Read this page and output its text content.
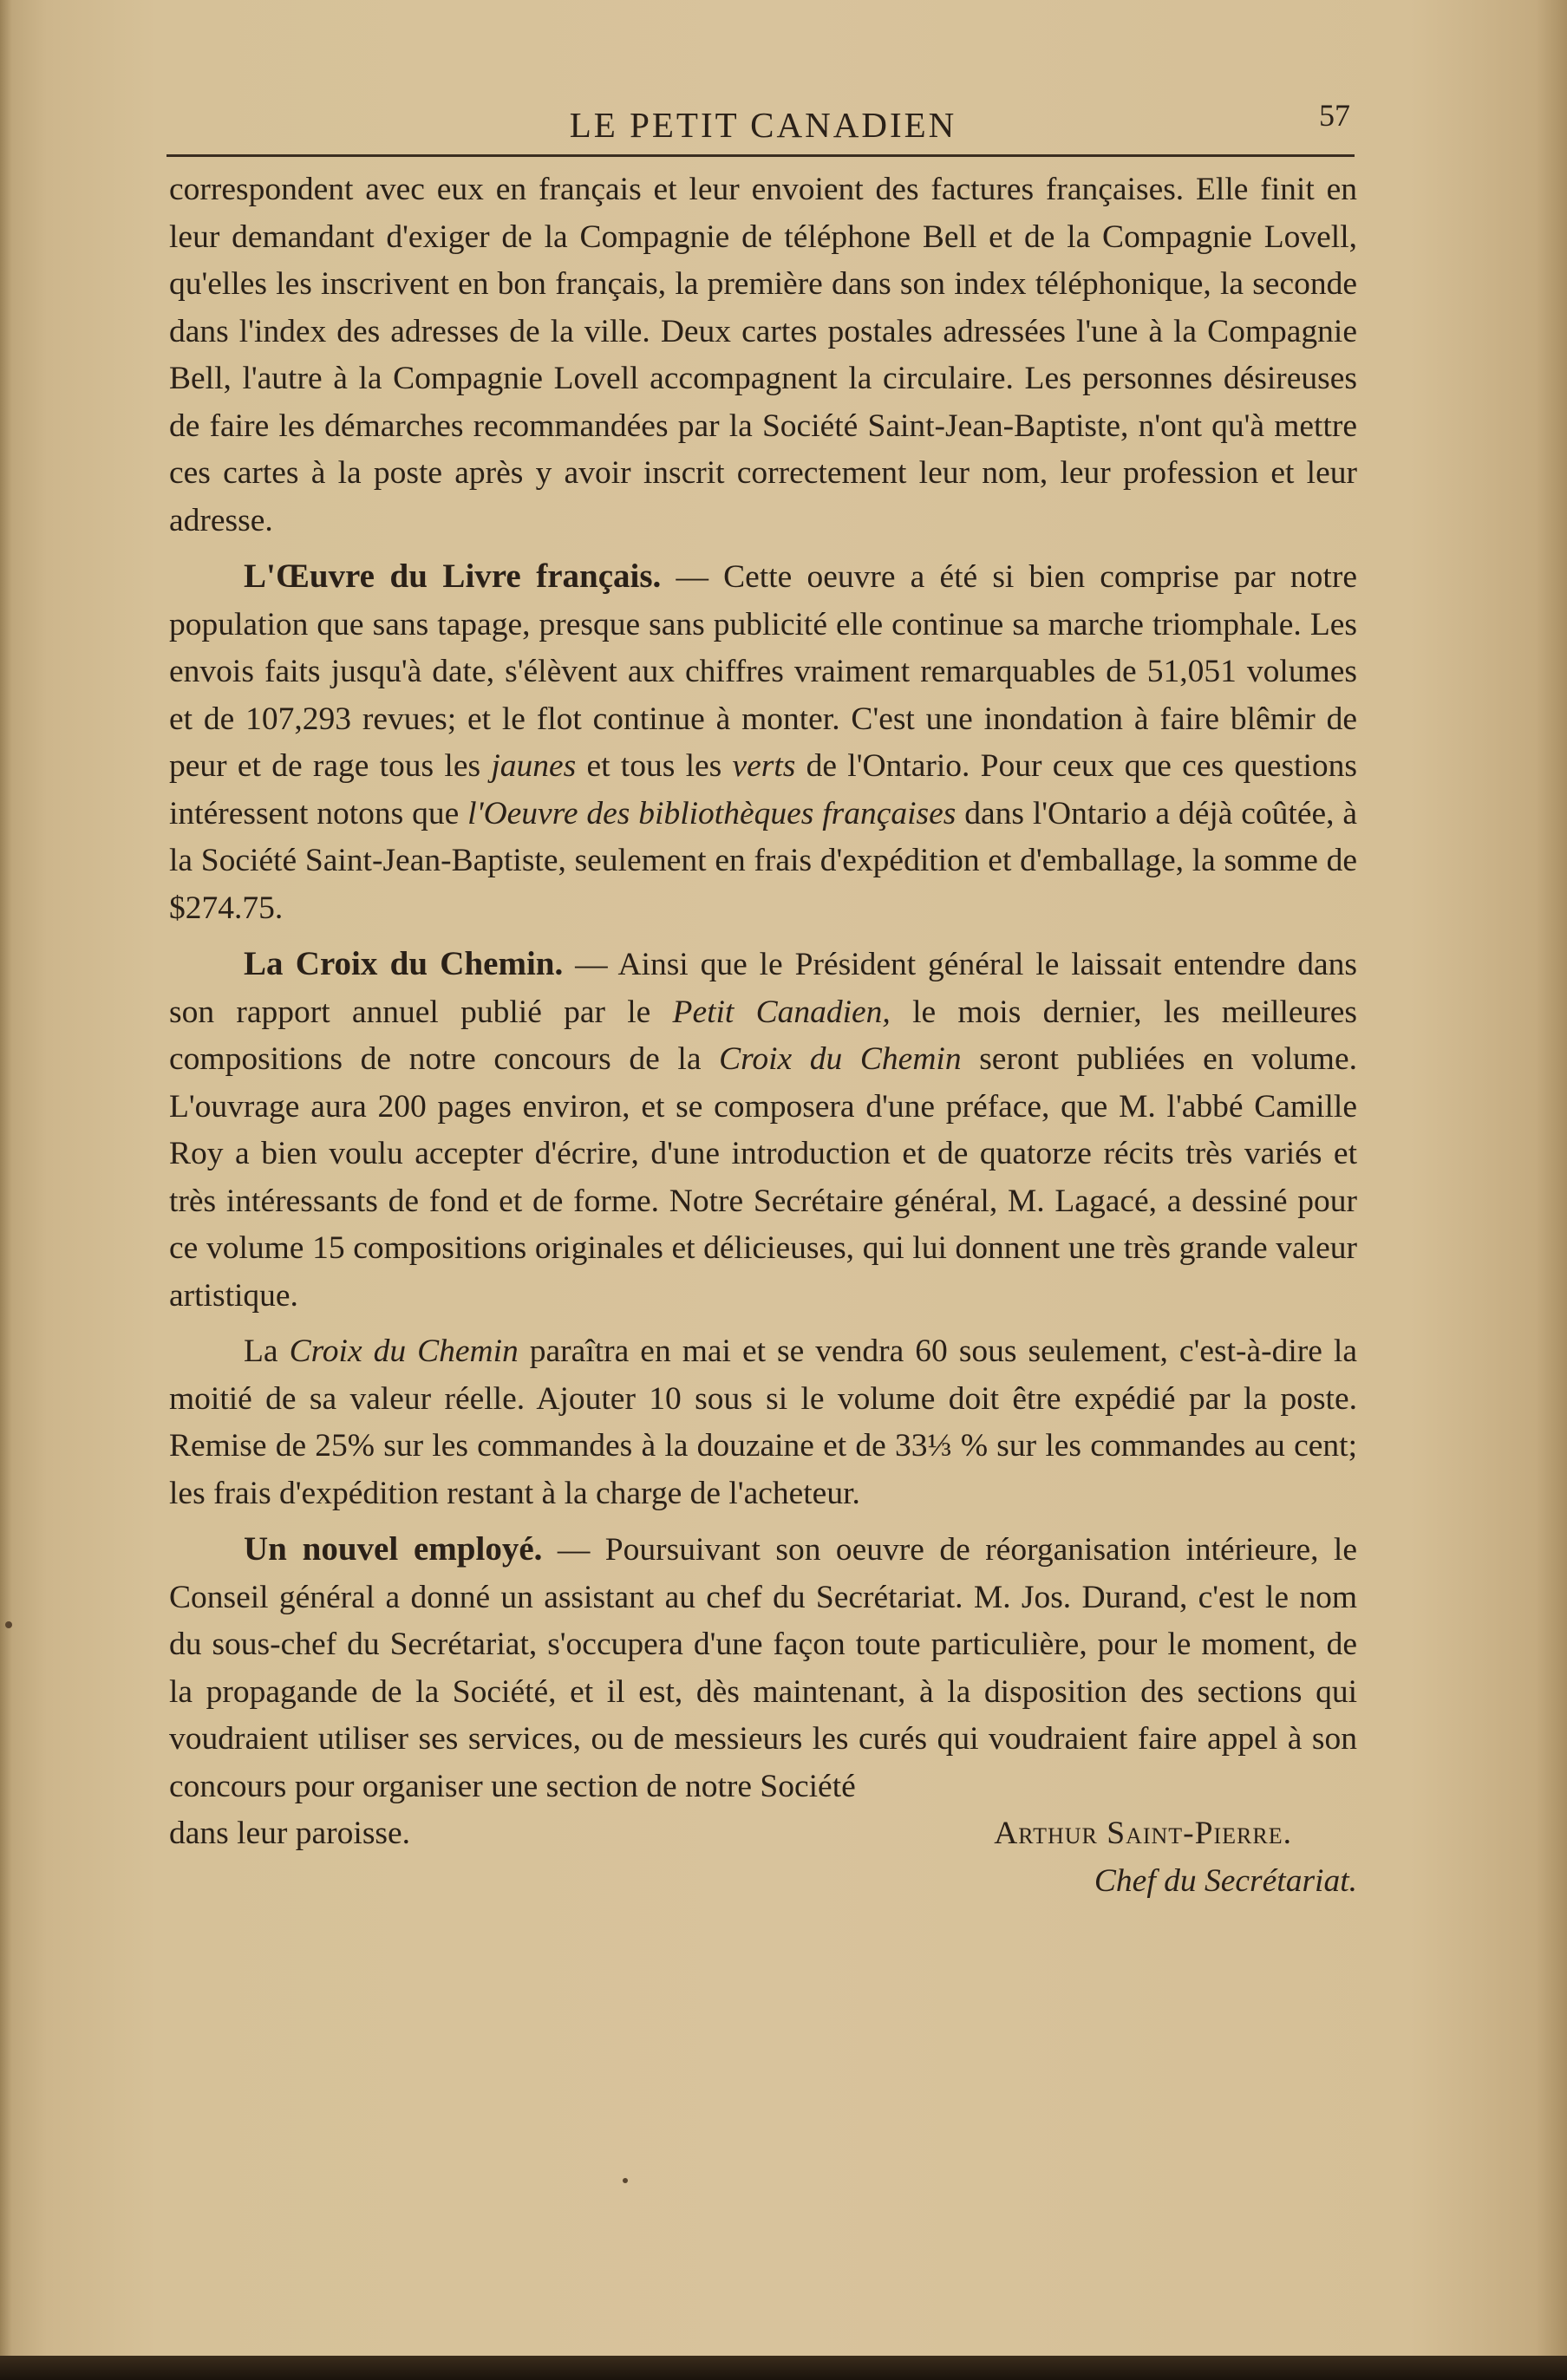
LE PETIT CANADIEN	57

correspondent avec eux en français et leur envoient des factures françaises. Elle finit en leur demandant d'exiger de la Compagnie de téléphone Bell et de la Compagnie Lovell, qu'elles les inscrivent en bon français, la première dans son index téléphonique, la seconde dans l'index des adresses de la ville. Deux cartes postales adressées l'une à la Compagnie Bell, l'autre à la Compagnie Lovell accompagnent la circulaire. Les personnes désireuses de faire les démarches recommandées par la Société Saint-Jean-Baptiste, n'ont qu'à mettre ces cartes à la poste après y avoir inscrit correctement leur nom, leur profession et leur adresse.

L'Œuvre du Livre français. — Cette oeuvre a été si bien comprise par notre population que sans tapage, presque sans publicité elle continue sa marche triomphale. Les envois faits jusqu'à date, s'élèvent aux chiffres vraiment remarquables de 51,051 volumes et de 107,293 revues; et le flot continue à monter. C'est une inondation à faire blêmir de peur et de rage tous les jaunes et tous les verts de l'Ontario. Pour ceux que ces questions intéressent notons que l'Oeuvre des bibliothèques françaises dans l'Ontario a déjà coûtée, à la Société Saint-Jean-Baptiste, seulement en frais d'expédition et d'emballage, la somme de $274.75.

La Croix du Chemin. — Ainsi que le Président général le laissait entendre dans son rapport annuel publié par le Petit Canadien, le mois dernier, les meilleures compositions de notre concours de la Croix du Chemin seront publiées en volume. L'ouvrage aura 200 pages environ, et se composera d'une préface, que M. l'abbé Camille Roy a bien voulu accepter d'écrire, d'une introduction et de quatorze récits très variés et très intéressants de fond et de forme. Notre Secrétaire général, M. Lagacé, a dessiné pour ce volume 15 compositions originales et délicieuses, qui lui donnent une très grande valeur artistique.

La Croix du Chemin paraîtra en mai et se vendra 60 sous seulement, c'est-à-dire la moitié de sa valeur réelle. Ajouter 10 sous si le volume doit être expédié par la poste. Remise de 25% sur les commandes à la douzaine et de 33⅓ % sur les commandes au cent; les frais d'expédition restant à la charge de l'acheteur.

Un nouvel employé. — Poursuivant son oeuvre de réorganisation intérieure, le Conseil général a donné un assistant au chef du Secrétariat. M. Jos. Durand, c'est le nom du sous-chef du Secrétariat, s'occupera d'une façon toute particulière, pour le moment, de la propagande de la Société, et il est, dès maintenant, à la disposition des sections qui voudraient utiliser ses services, ou de messieurs les curés qui voudraient faire appel à son concours pour organiser une section de notre Société

dans leur paroisse.	Arthur Saint-Pierre.
Chef du Secrétariat.
